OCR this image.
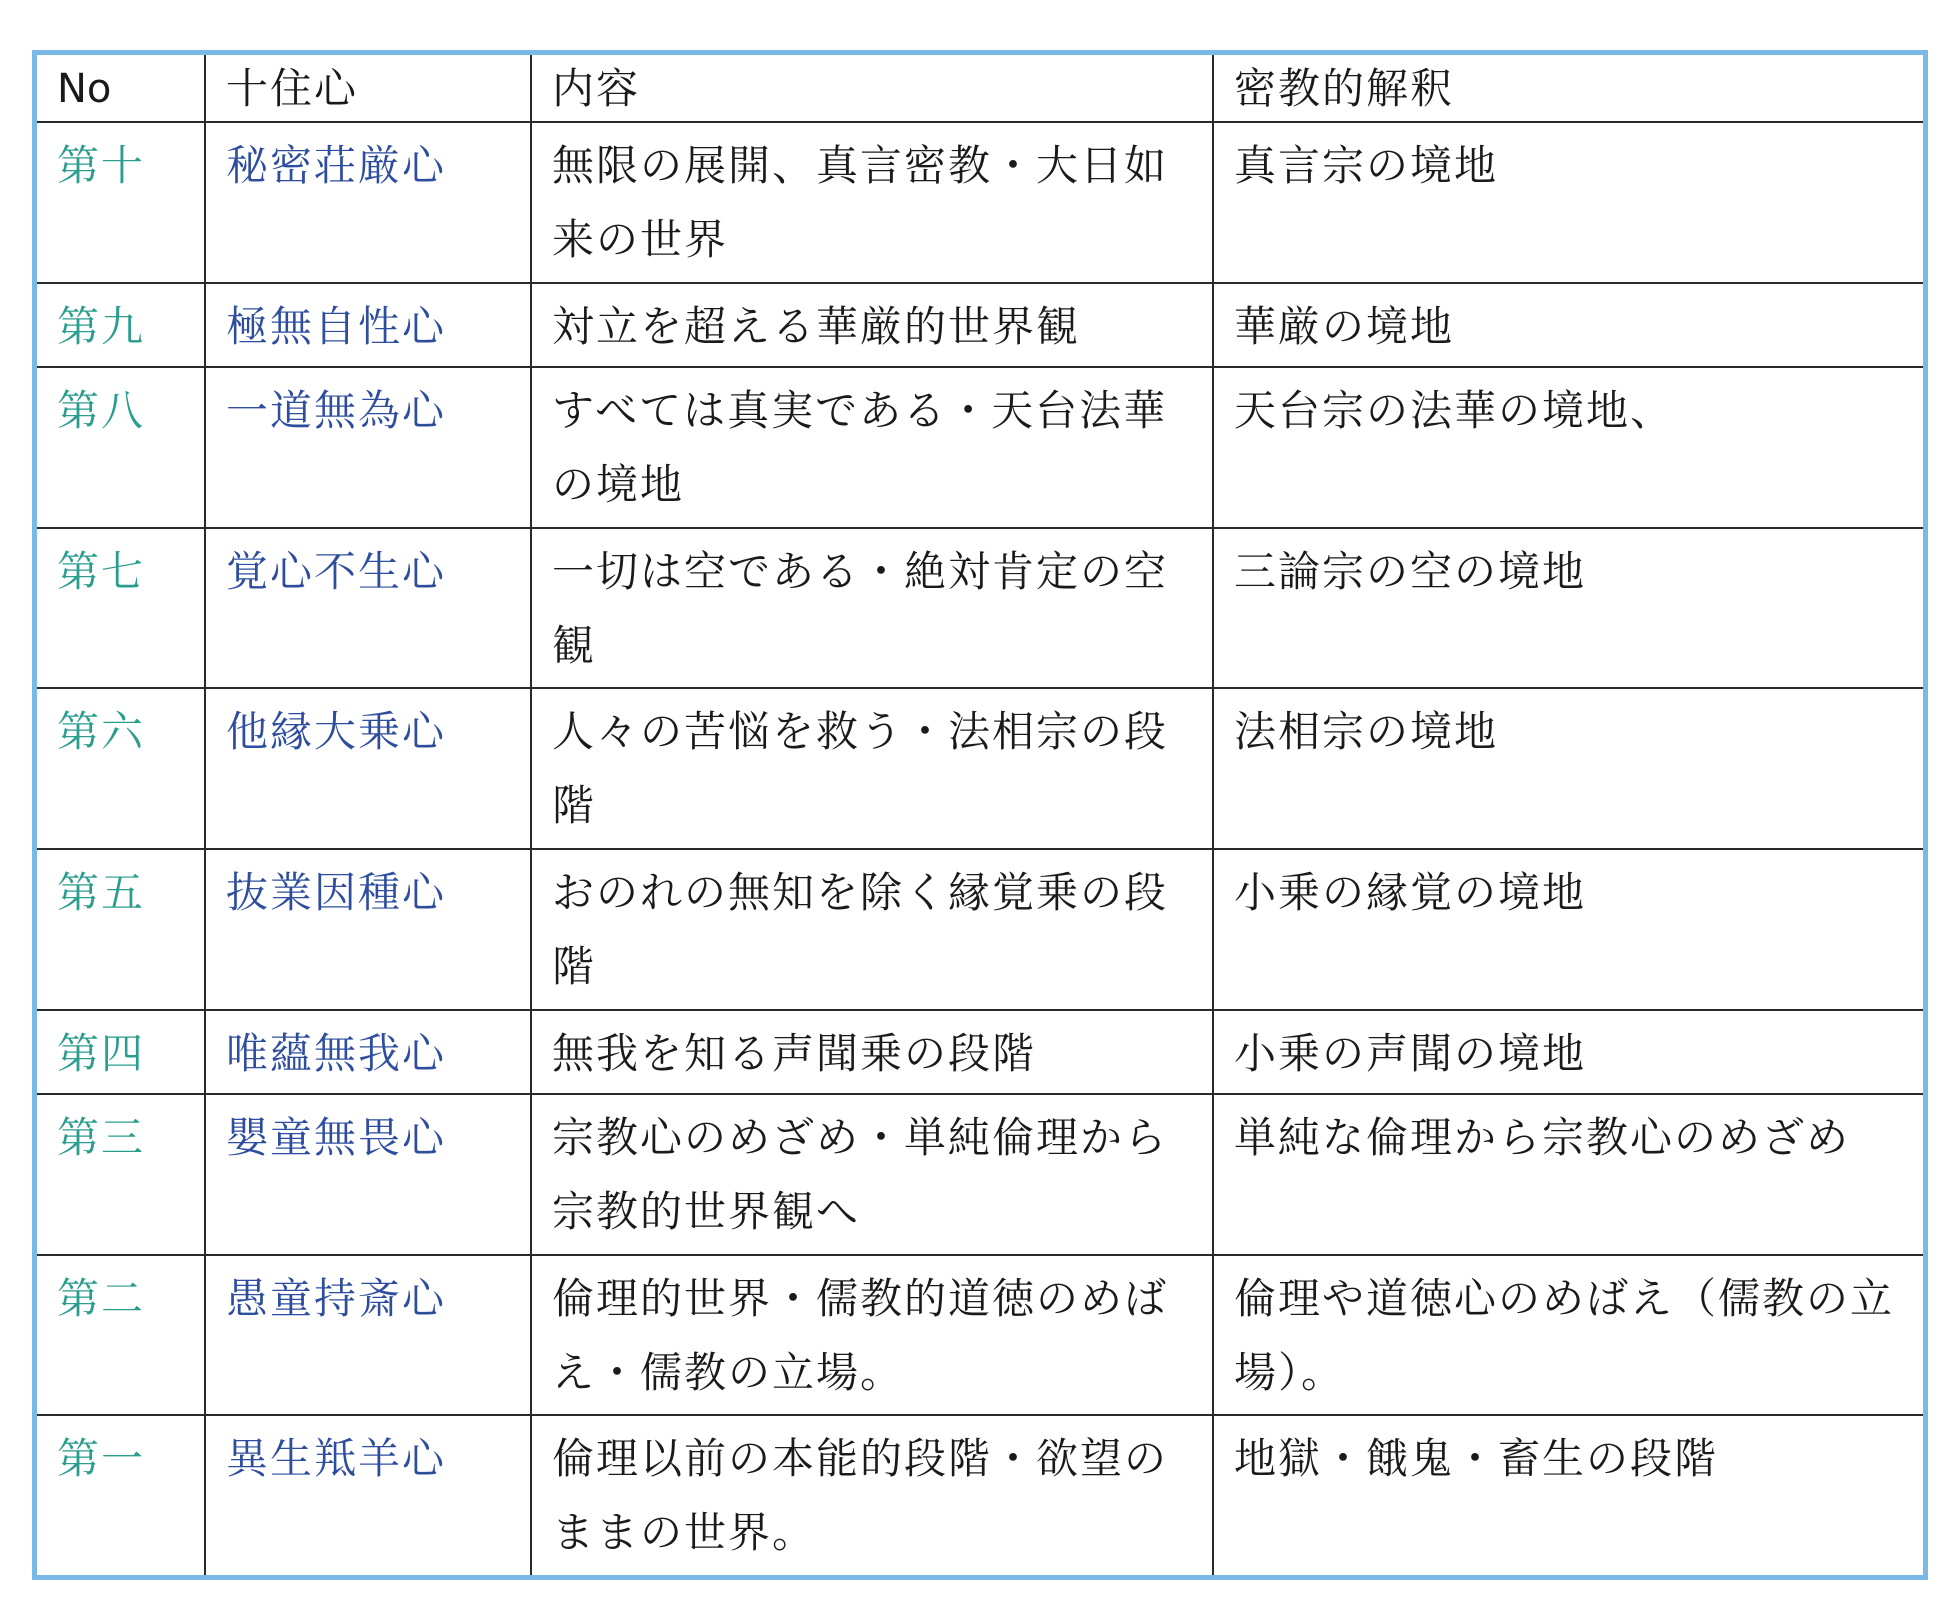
No	十住心	内容	密教的解釈
第十	秘密荘厳心	無限の展開、真言密教・大日如来の世界	真言宗の境地
第九	極無自性心	対立を超える華厳的世界観	華厳の境地
第八	一道無為心	すべては真実である・天台法華の境地	天台宗の法華の境地、
第七	覚心不生心	一切は空である・絶対肯定の空観	三論宗の空の境地
第六	他縁大乗心	人々の苦悩を救う・法相宗の段階	法相宗の境地
第五	抜業因種心	おのれの無知を除く縁覚乗の段階	小乗の縁覚の境地
第四	唯蘊無我心	無我を知る声聞乗の段階	小乗の声聞の境地
第三	嬰童無畏心	宗教心のめざめ・単純倫理から宗教的世界観へ	単純な倫理から宗教心のめざめ
第二	愚童持斎心	倫理的世界・儒教的道徳のめばえ・儒教の立場。	倫理や道徳心のめばえ（儒教の立場）。
第一	異生羝羊心	倫理以前の本能的段階・欲望のままの世界。	地獄・餓鬼・畜生の段階
